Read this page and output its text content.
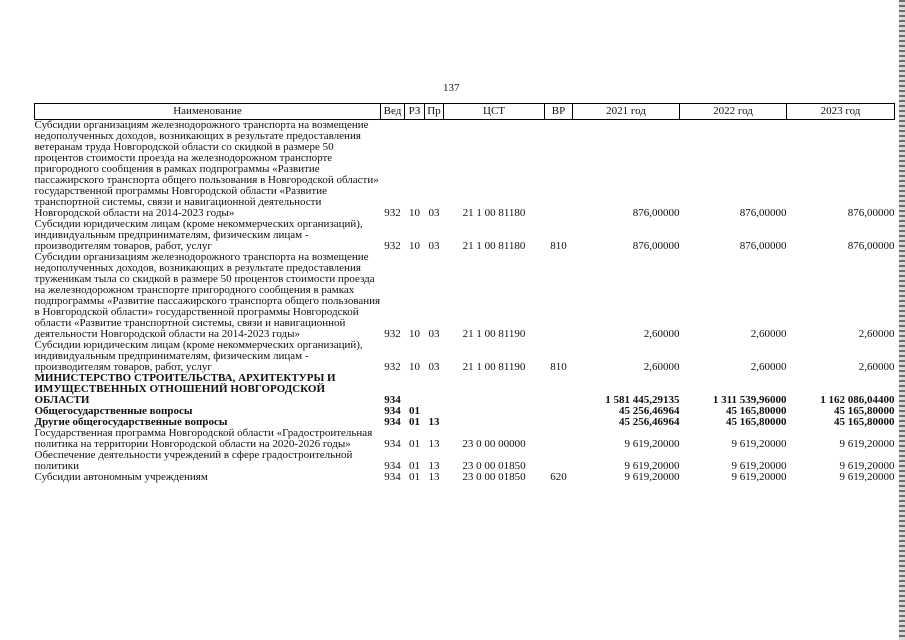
137
Наименование	Вед	РЗ	Пр	ЦСТ	ВР	2021 год	2022 год	2023 год
Субсидии организациям железнодорожного транспорта на возмещение недополученных доходов, возникающих в результате предоставления ветеранам труда Новгородской области со скидкой в размере 50 процентов стоимости проезда на железнодорожном транспорте пригородного сообщения в рамках подпрограммы «Развитие пассажирского транспорта общего пользования в Новгородской области» государственной программы Новгородской области «Развитие транспортной системы, связи и навигационной деятельности Новгородской области на 2014-2023 годы»	932	10	03	21 1 00 81180		876,00000	876,00000	876,00000
Субсидии юридическим лицам (кроме некоммерческих организаций), индивидуальным предпринимателям, физическим лицам - производителям товаров, работ, услуг	932	10	03	21 1 00 81180	810	876,00000	876,00000	876,00000
Субсидии организациям железнодорожного транспорта на возмещение недополученных доходов, возникающих в результате предоставления труженикам тыла со скидкой в размере 50 процентов стоимости проезда на железнодорожном транспорте пригородного сообщения в рамках подпрограммы «Развитие пассажирского транспорта общего пользования в Новгородской области» государственной программы Новгородской области «Развитие транспортной системы, связи и навигационной деятельности Новгородской области на 2014-2023 годы»	932	10	03	21 1 00 81190		2,60000	2,60000	2,60000
Субсидии юридическим лицам (кроме некоммерческих организаций), индивидуальным предпринимателям, физическим лицам - производителям товаров, работ, услуг	932	10	03	21 1 00 81190	810	2,60000	2,60000	2,60000
МИНИСТЕРСТВО СТРОИТЕЛЬСТВА, АРХИТЕКТУРЫ И ИМУЩЕСТВЕННЫХ ОТНОШЕНИЙ НОВГОРОДСКОЙ ОБЛАСТИ	934					1 581 445,29135	1 311 539,96000	1 162 086,04400
Общегосударственные вопросы	934	01				45 256,46964	45 165,80000	45 165,80000
Другие общегосударственные вопросы	934	01	13			45 256,46964	45 165,80000	45 165,80000
Государственная программа Новгородской области «Градостроительная политика на территории Новгородской области на 2020-2026 годы»	934	01	13	23 0 00 00000		9 619,20000	9 619,20000	9 619,20000
Обеспечение деятельности учреждений в сфере градостроительной политики	934	01	13	23 0 00 01850		9 619,20000	9 619,20000	9 619,20000
Субсидии автономным учреждениям	934	01	13	23 0 00 01850	620	9 619,20000	9 619,20000	9 619,20000
